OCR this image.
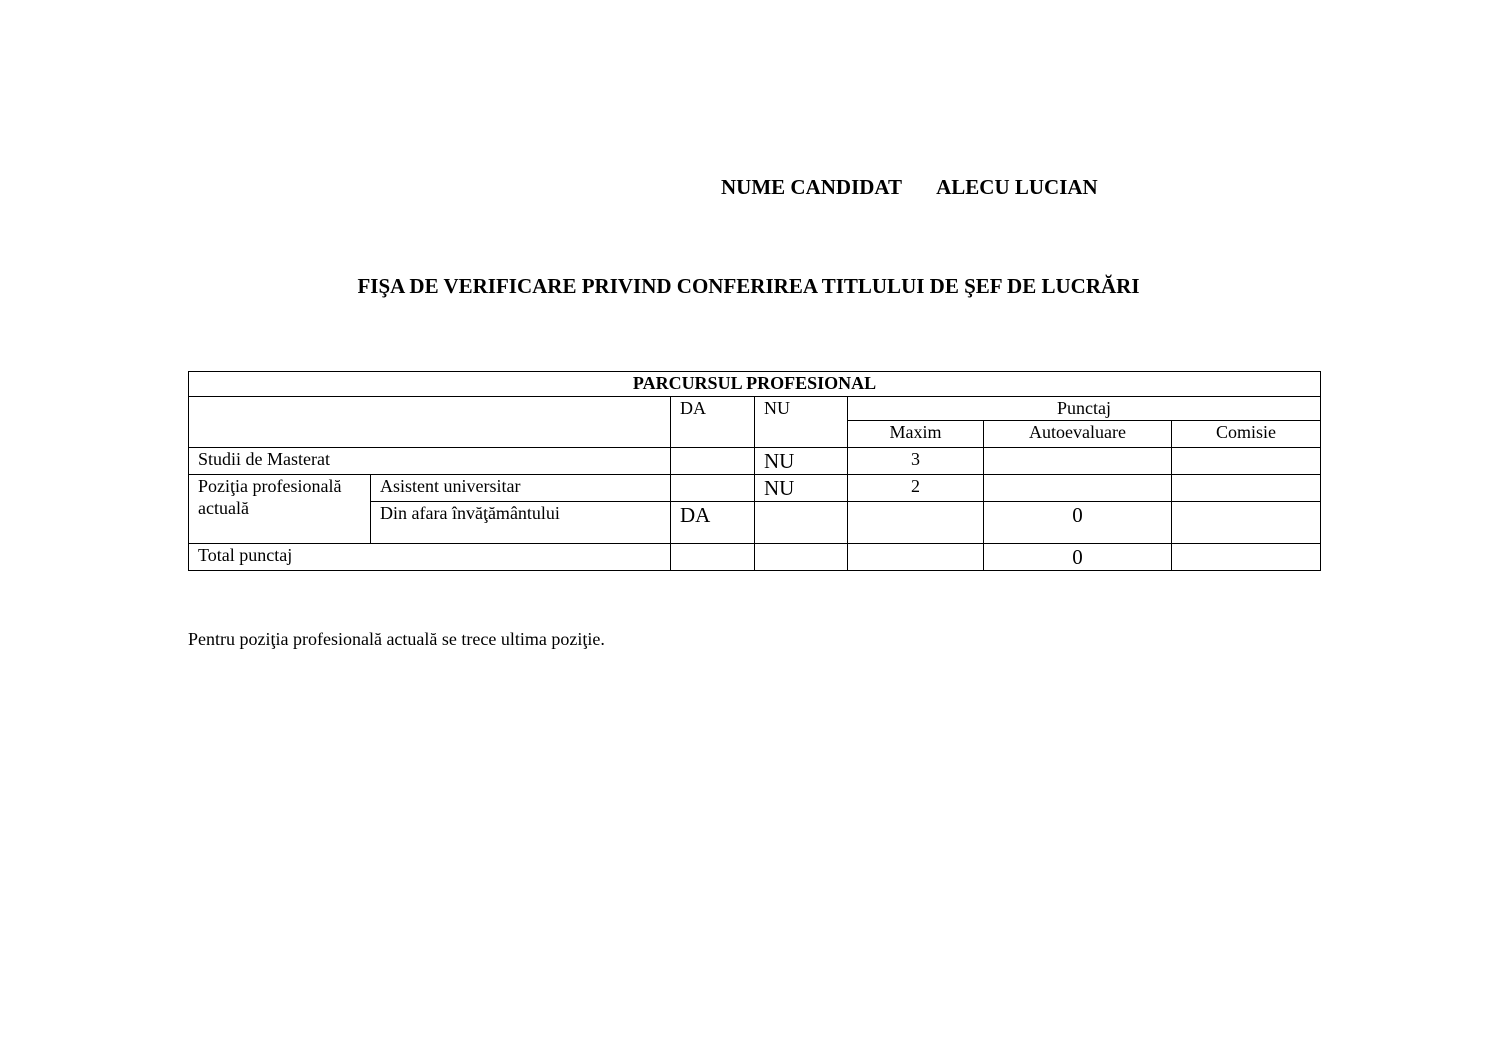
NUME CANDIDAT ALECU LUCIAN
FIŞA DE VERIFICARE PRIVIND CONFERIREA TITLULUI DE ŞEF DE LUCRĂRI
PARCURSUL PROFESIONAL						
		DA	NU	Punctaj		
				Maxim	Autoevaluare	Comisie
Studii de Masterat			NU	3		
Poziţia profesională actuală	Asistent universitar		NU	2		
	Din afara învăţământului	DA			0	
Total punctaj					0	
Pentru poziţia profesională actuală se trece ultima poziţie.
